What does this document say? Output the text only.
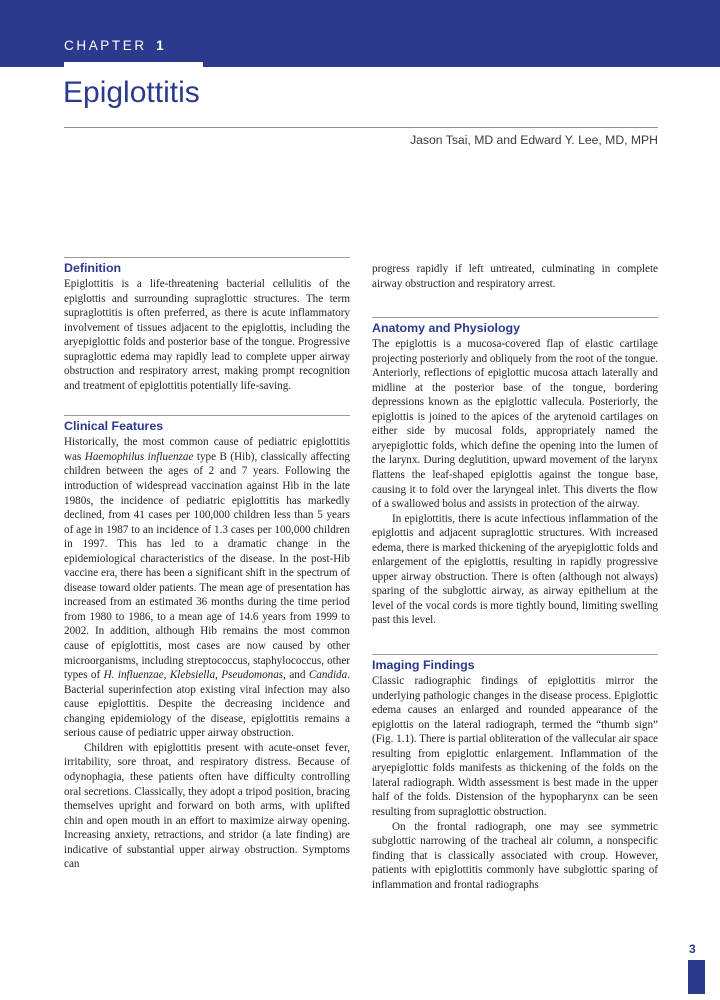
CHAPTER 1
Epiglottitis
Jason Tsai, MD and Edward Y. Lee, MD, MPH
Definition

Epiglottitis is a life-threatening bacterial cellulitis of the epiglottis and surrounding supraglottic structures. The term supraglottitis is often preferred, as there is acute inflammatory involvement of tissues adjacent to the epiglottis, including the aryepiglottic folds and posterior base of the tongue. Progressive supraglottic edema may rapidly lead to complete upper airway obstruction and respiratory arrest, making prompt recognition and treatment of epiglottitis potentially life-saving.

Clinical Features

Historically, the most common cause of pediatric epiglottitis was Haemophilus influenzae type B (Hib), classically affecting children between the ages of 2 and 7 years. Following the introduction of widespread vaccination against Hib in the late 1980s, the incidence of pediatric epiglottitis has markedly declined, from 41 cases per 100,000 children less than 5 years of age in 1987 to an incidence of 1.3 cases per 100,000 children in 1997. This has led to a dramatic change in the epidemiological characteristics of the disease. In the post-Hib vaccine era, there has been a significant shift in the spectrum of disease toward older patients. The mean age of presentation has increased from an estimated 36 months during the time period from 1980 to 1986, to a mean age of 14.6 years from 1999 to 2002. In addition, although Hib remains the most common cause of epiglottitis, most cases are now caused by other microorganisms, including streptococcus, staphylococcus, other types of H. influenzae, Klebsiella, Pseudomonas, and Candida. Bacterial superinfection atop existing viral infection may also cause epiglottitis. Despite the decreasing incidence and changing epidemiology of the disease, epiglottitis remains a serious cause of pediatric upper airway obstruction.

Children with epiglottitis present with acute-onset fever, irritability, sore throat, and respiratory distress. Because of odynophagia, these patients often have difficulty controlling oral secretions. Classically, they adopt a tripod position, bracing themselves upright and forward on both arms, with uplifted chin and open mouth in an effort to maximize airway opening. Increasing anxiety, retractions, and stridor (a late finding) are indicative of substantial upper airway obstruction. Symptoms can

progress rapidly if left untreated, culminating in complete airway obstruction and respiratory arrest.

Anatomy and Physiology

The epiglottis is a mucosa-covered flap of elastic cartilage projecting posteriorly and obliquely from the root of the tongue. Anteriorly, reflections of epiglottic mucosa attach laterally and midline at the posterior base of the tongue, bordering depressions known as the epiglottic vallecula. Posteriorly, the epiglottis is joined to the apices of the arytenoid cartilages on either side by mucosal folds, appropriately named the aryepiglottic folds, which define the opening into the lumen of the larynx. During deglutition, upward movement of the larynx flattens the leaf-shaped epiglottis against the tongue base, causing it to fold over the laryngeal inlet. This diverts the flow of a swallowed bolus and assists in protection of the airway.

In epiglottitis, there is acute infectious inflammation of the epiglottis and adjacent supraglottic structures. With increased edema, there is marked thickening of the aryepiglottic folds and enlargement of the epiglottis, resulting in rapidly progressive upper airway obstruction. There is often (although not always) sparing of the subglottic airway, as airway epithelium at the level of the vocal cords is more tightly bound, limiting swelling past this level.

Imaging Findings

Classic radiographic findings of epiglottitis mirror the underlying pathologic changes in the disease process. Epiglottic edema causes an enlarged and rounded appearance of the epiglottis on the lateral radiograph, termed the “thumb sign” (Fig. 1.1). There is partial obliteration of the vallecular air space resulting from epiglottic enlargement. Inflammation of the aryepiglottic folds manifests as thickening of the folds on the lateral radiograph. Width assessment is best made in the upper half of the folds. Distension of the hypopharynx can be seen resulting from supraglottic obstruction.

On the frontal radiograph, one may see symmetric subglottic narrowing of the tracheal air column, a nonspecific finding that is classically associated with croup. However, patients with epiglottitis commonly have subglottic sparing of inflammation and frontal radiographs

3
